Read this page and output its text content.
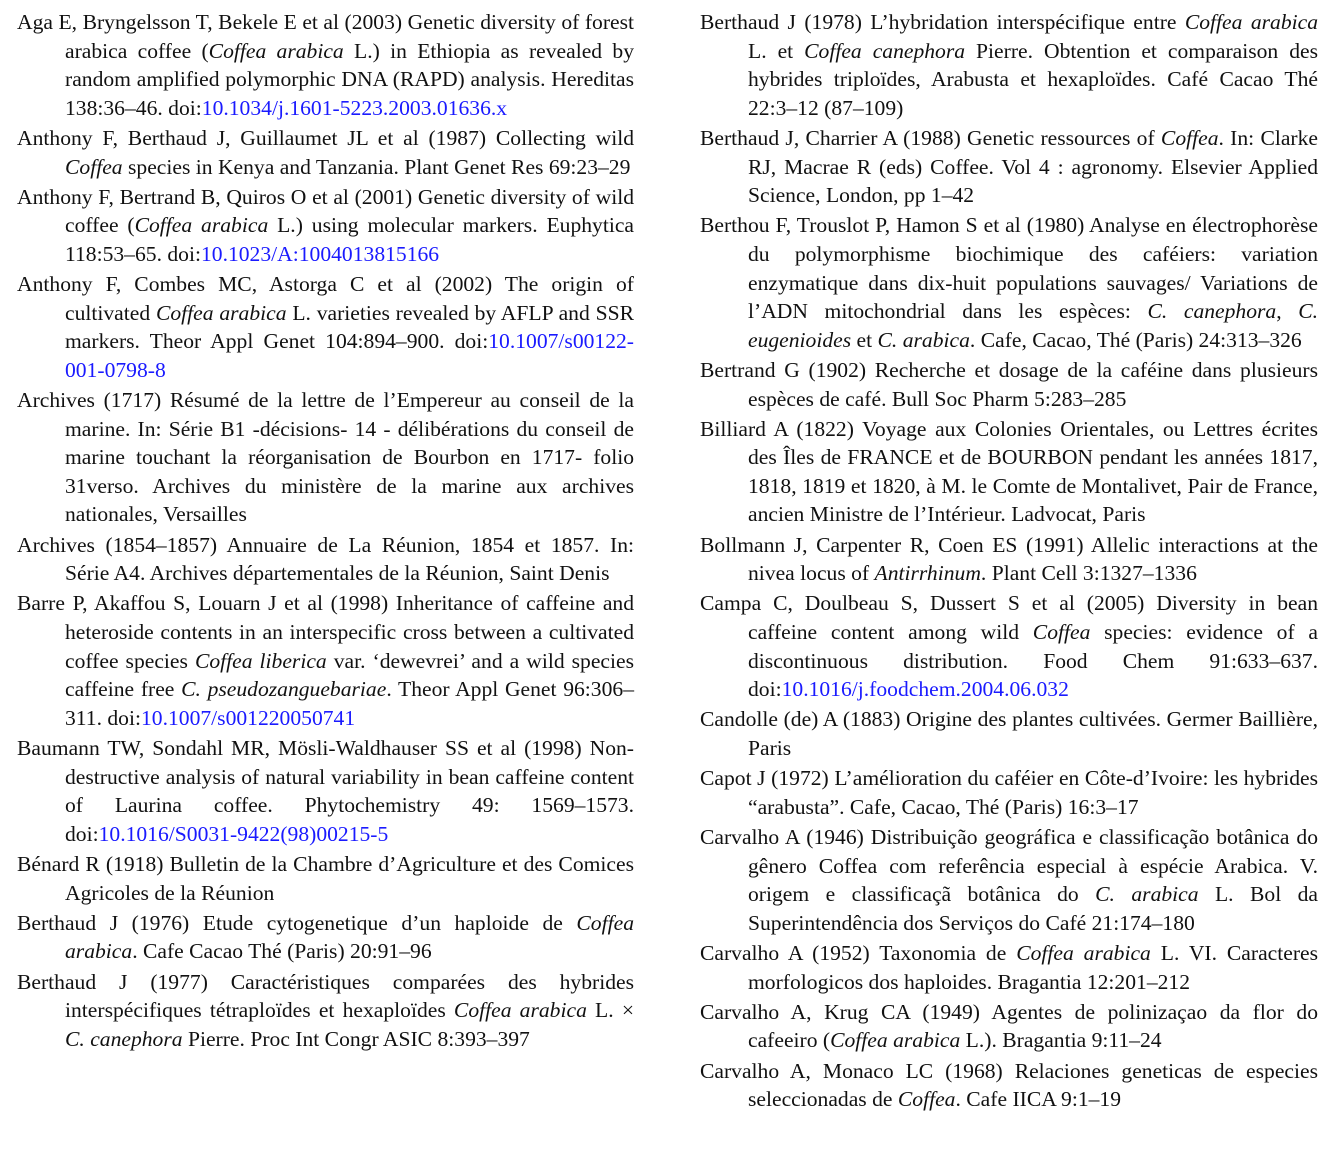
Aga E, Bryngelsson T, Bekele E et al (2003) Genetic diversity of forest arabica coffee (Coffea arabica L.) in Ethiopia as revealed by random amplified polymorphic DNA (RAPD) analysis. Hereditas 138:36–46. doi:10.1034/j.1601-5223.2003.01636.x

Anthony F, Berthaud J, Guillaumet JL et al (1987) Collecting wild Coffea species in Kenya and Tanzania. Plant Genet Res 69:23–29

Anthony F, Bertrand B, Quiros O et al (2001) Genetic diversity of wild coffee (Coffea arabica L.) using molecular markers. Euphytica 118:53–65. doi:10.1023/A:1004013815166

Anthony F, Combes MC, Astorga C et al (2002) The origin of cultivated Coffea arabica L. varieties revealed by AFLP and SSR markers. Theor Appl Genet 104:894–900. doi:10.1007/s00122-001-0798-8

Archives (1717) Résumé de la lettre de l’Empereur au conseil de la marine. In: Série B1 -décisions- 14 - délibérations du conseil de marine touchant la réorganisation de Bourbon en 1717- folio 31verso. Archives du ministère de la marine aux archives nationales, Versailles

Archives (1854–1857) Annuaire de La Réunion, 1854 et 1857. In: Série A4. Archives départementales de la Réunion, Saint Denis

Barre P, Akaffou S, Louarn J et al (1998) Inheritance of caffeine and heteroside contents in an interspecific cross between a cultivated coffee species Coffea liberica var. ‘dewevrei’ and a wild species caffeine free C. pseudozanguebariae. Theor Appl Genet 96:306–311. doi:10.1007/s001220050741

Baumann TW, Sondahl MR, Mösli-Waldhauser SS et al (1998) Non-destructive analysis of natural variability in bean caffeine content of Laurina coffee. Phytochemistry 49: 1569–1573. doi:10.1016/S0031-9422(98)00215-5

Bénard R (1918) Bulletin de la Chambre d’Agriculture et des Comices Agricoles de la Réunion

Berthaud J (1976) Etude cytogenetique d’un haploide de Coffea arabica. Cafe Cacao Thé (Paris) 20:91–96

Berthaud J (1977) Caractéristiques comparées des hybrides interspécifiques tétraploïdes et hexaploïdes Coffea arabica L. × C. canephora Pierre. Proc Int Congr ASIC 8:393–397

Berthaud J (1978) L’hybridation interspécifique entre Coffea arabica L. et Coffea canephora Pierre. Obtention et comparaison des hybrides triploïdes, Arabusta et hexaploïdes. Café Cacao Thé 22:3–12 (87–109)

Berthaud J, Charrier A (1988) Genetic ressources of Coffea. In: Clarke RJ, Macrae R (eds) Coffee. Vol 4 : agronomy. Elsevier Applied Science, London, pp 1–42

Berthou F, Trouslot P, Hamon S et al (1980) Analyse en électrophorèse du polymorphisme biochimique des caféiers: variation enzymatique dans dix-huit populations sauvages/ Variations de l’ADN mitochondrial dans les espèces: C. canephora, C. eugenioides et C. arabica. Cafe, Cacao, Thé (Paris) 24:313–326

Bertrand G (1902) Recherche et dosage de la caféine dans plusieurs espèces de café. Bull Soc Pharm 5:283–285

Billiard A (1822) Voyage aux Colonies Orientales, ou Lettres écrites des Îles de FRANCE et de BOURBON pendant les années 1817, 1818, 1819 et 1820, à M. le Comte de Montalivet, Pair de France, ancien Ministre de l’Intérieur. Ladvocat, Paris

Bollmann J, Carpenter R, Coen ES (1991) Allelic interactions at the nivea locus of Antirrhinum. Plant Cell 3:1327–1336

Campa C, Doulbeau S, Dussert S et al (2005) Diversity in bean caffeine content among wild Coffea species: evidence of a discontinuous distribution. Food Chem 91:633–637. doi:10.1016/j.foodchem.2004.06.032

Candolle (de) A (1883) Origine des plantes cultivées. Germer Baillière, Paris

Capot J (1972) L’amélioration du caféier en Côte-d’Ivoire: les hybrides “arabusta”. Cafe, Cacao, Thé (Paris) 16:3–17

Carvalho A (1946) Distribuição geográfica e classificação botânica do gênero Coffea com referência especial à espécie Arabica. V. origem e classificaçã botânica do C. arabica L. Bol da Superintendência dos Serviços do Café 21:174–180

Carvalho A (1952) Taxonomia de Coffea arabica L. VI. Caracteres morfologicos dos haploides. Bragantia 12:201–212

Carvalho A, Krug CA (1949) Agentes de polinizaçao da flor do cafeeiro (Coffea arabica L.). Bragantia 9:11–24

Carvalho A, Monaco LC (1968) Relaciones geneticas de especies seleccionadas de Coffea. Cafe IICA 9:1–19
